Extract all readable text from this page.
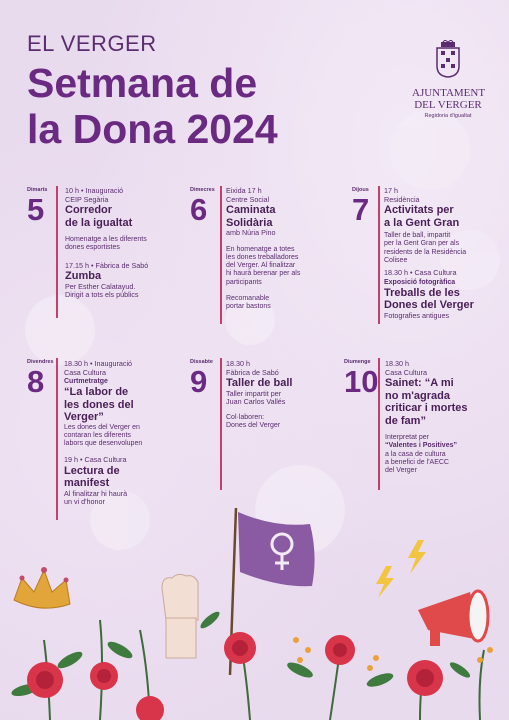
EL VERGER
Setmana de
la Dona 2024
AJUNTAMENT
DEL VERGER
Regidoria d'igualtat
Dimarts
5
Dimecres
6
Dijous
7
Divendres
8
Dissabte
9
Diumenge
10
10 h • Inauguració
CEIP Segària
Corredor
de la igualtat
Homenatge a les diferents
dones esportistes
17.15 h • Fàbrica de Sabó
Zumba
Per Esther Calatayud.
Dirigit a tots els públics
Eixida 17 h
Centre Social
Caminata
Solidària
amb Núria Pino
En homenatge a totes
les dones treballadores
del Verger. Al finalitzar
hi haurà berenar per als
participants
Recomanable
portar bastons
17 h
Residència
Activitats per
a la Gent Gran
Taller de ball, impartit
per la Gent Gran per als
residents de la Residència
Colisee
18.30 h • Casa Cultura
Exposició fotogràfica
Treballs de les
Dones del Verger
Fotografies antigues
18.30 h • Inauguració
Casa Cultura
Curtmetratge
“La labor de
les dones del
Verger”
Les dones del Verger en
contaran les diferents
labors que desenvolupen
19 h • Casa Cultura
Lectura de
manifest
Al finalitzar hi haurà
un vi d'honor
18.30 h
Fàbrica de Sabó
Taller de ball
Taller impartit per
Juan Carlos Vallés
Col·laboren:
Dones del Verger
18.30 h
Casa Cultura
Sainet: “A mi
no m'agrada
criticar i mortes
de fam”
Interpretat per
“Valentes i Positives”
a la casa de cultura
a benefici de l'AECC
del Verger
